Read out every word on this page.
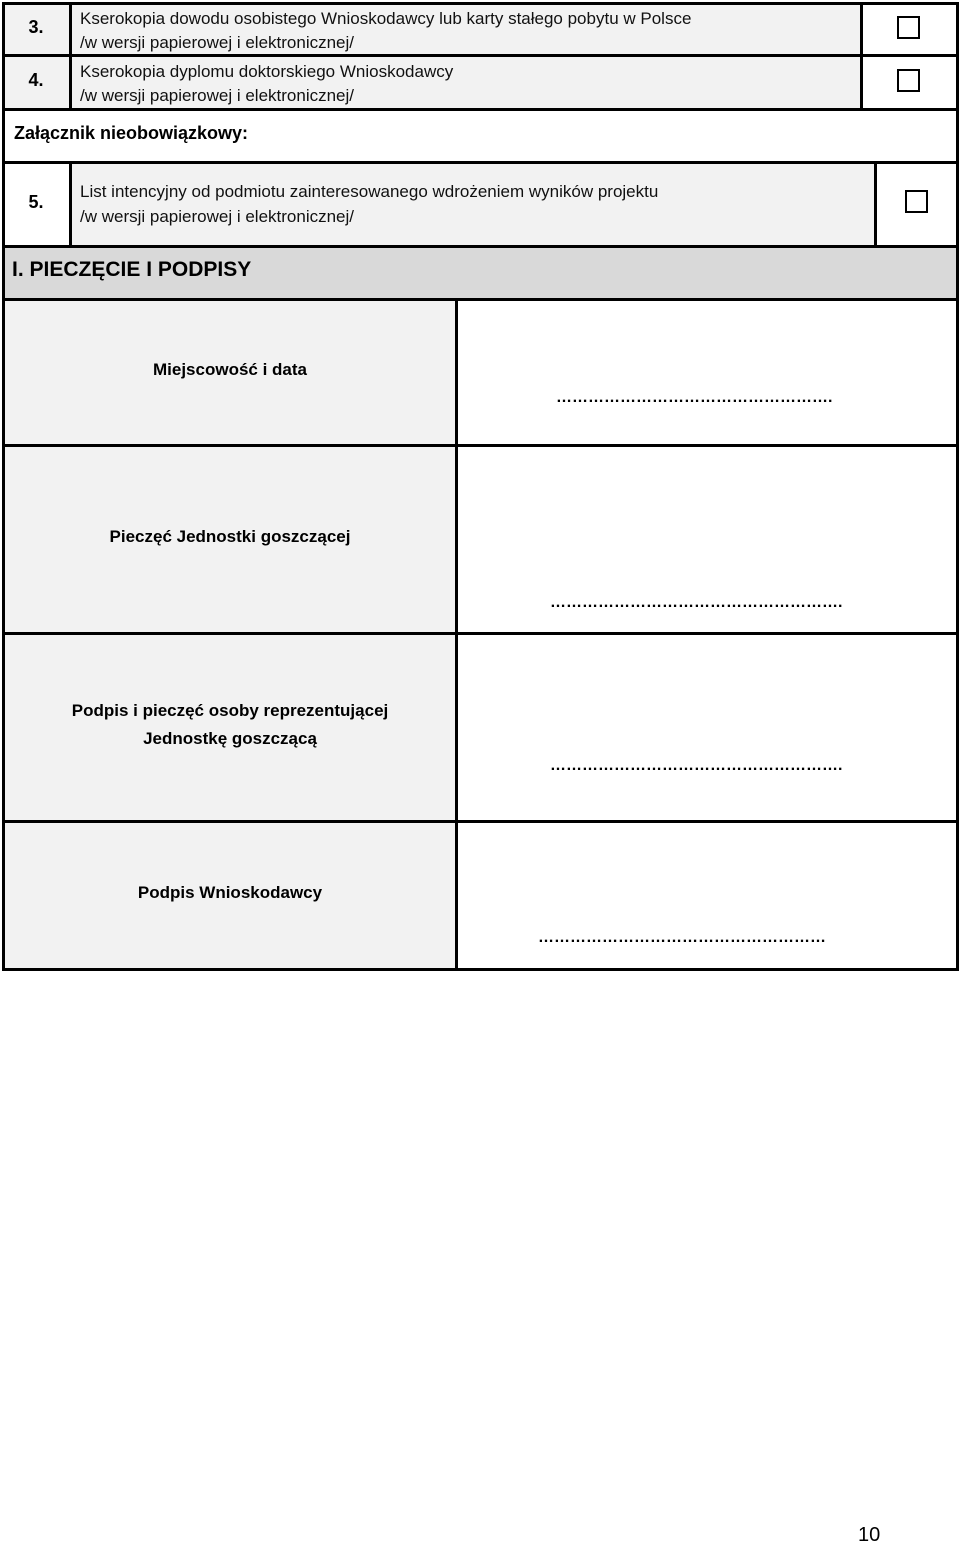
3.	Kserokopia dowodu osobistego Wnioskodawcy lub karty stałego pobytu w Polsce
/w wersji papierowej i elektronicznej/
4.	Kserokopia dyplomu doktorskiego Wnioskodawcy
/w wersji papierowej i elektronicznej/
Załącznik nieobowiązkowy:
5.
List intencyjny od podmiotu zainteresowanego wdrożeniem wyników projektu
/w wersji papierowej i elektronicznej/
I. PIECZĘCIE I PODPISY
Miejscowość i data
…………………………………………….
Pieczęć Jednostki goszczącej
……………………………………………….
Podpis i pieczęć osoby reprezentującej
Jednostkę goszczącą
……………………………………………….
Podpis Wnioskodawcy
………………………………………………
10
